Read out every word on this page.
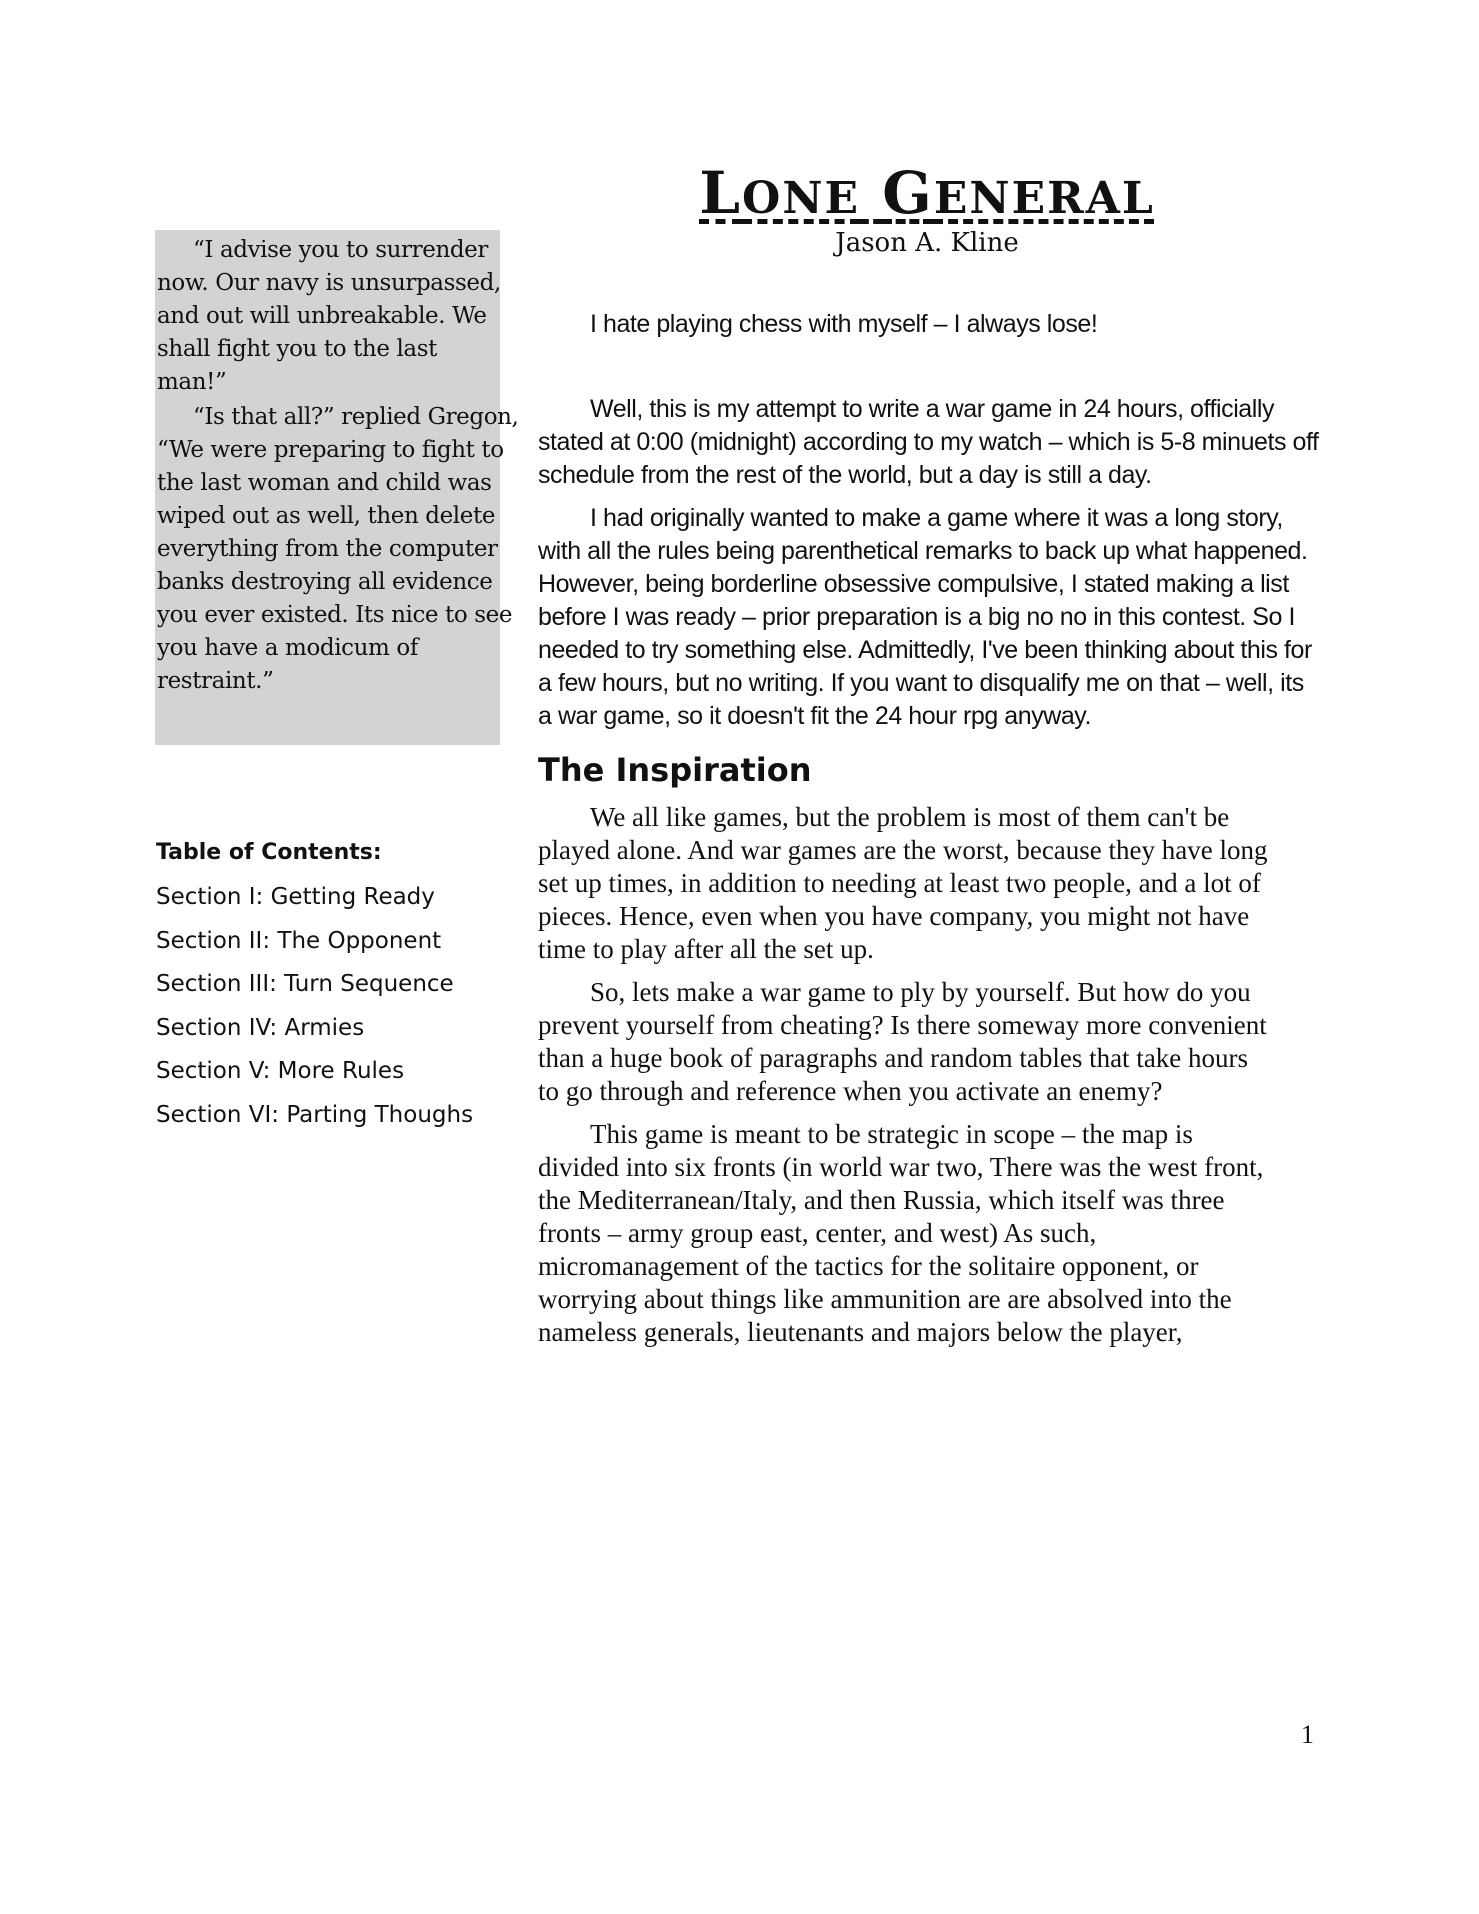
“I advise you to surrender
now. Our navy is unsurpassed,
and out will unbreakable. We
shall fight you to the last
man!”

“Is that all?” replied Gregon,
“We were preparing to fight to
the last woman and child was
wiped out as well, then delete
everything from the computer
banks destroying all evidence
you ever existed. Its nice to see
you have a modicum of
restraint.”

Table of Contents:
Section I: Getting Ready
Section II: The Opponent
Section III: Turn Sequence
Section IV: Armies
Section V: More Rules
Section VI: Parting Thoughs
LONE GENERAL
Jason A. Kline

I hate playing chess with myself – I always lose!

Well, this is my attempt to write a war game in 24 hours, officially
stated at 0:00 (midnight) according to my watch – which is 5-8 minuets off
schedule from the rest of the world, but a day is still a day.

I had originally wanted to make a game where it was a long story,
with all the rules being parenthetical remarks to back up what happened.
However, being borderline obsessive compulsive, I stated making a list
before I was ready – prior preparation is a big no no in this contest. So I
needed to try something else. Admittedly, I've been thinking about this for
a few hours, but no writing. If you want to disqualify me on that – well, its
a war game, so it doesn't fit the 24 hour rpg anyway.

The Inspiration

We all like games, but the problem is most of them can't be
played alone. And war games are the worst, because they have long
set up times, in addition to needing at least two people, and a lot of
pieces. Hence, even when you have company, you might not have
time to play after all the set up.

So, lets make a war game to ply by yourself. But how do you
prevent yourself from cheating? Is there someway more convenient
than a huge book of paragraphs and random tables that take hours
to go through and reference when you activate an enemy?

This game is meant to be strategic in scope – the map is
divided into six fronts (in world war two, There was the west front,
the Mediterranean/Italy, and then Russia, which itself was three
fronts – army group east, center, and west) As such,
micromanagement of the tactics for the solitaire opponent, or
worrying about things like ammunition are are absolved into the
nameless generals, lieutenants and majors below the player,

1
